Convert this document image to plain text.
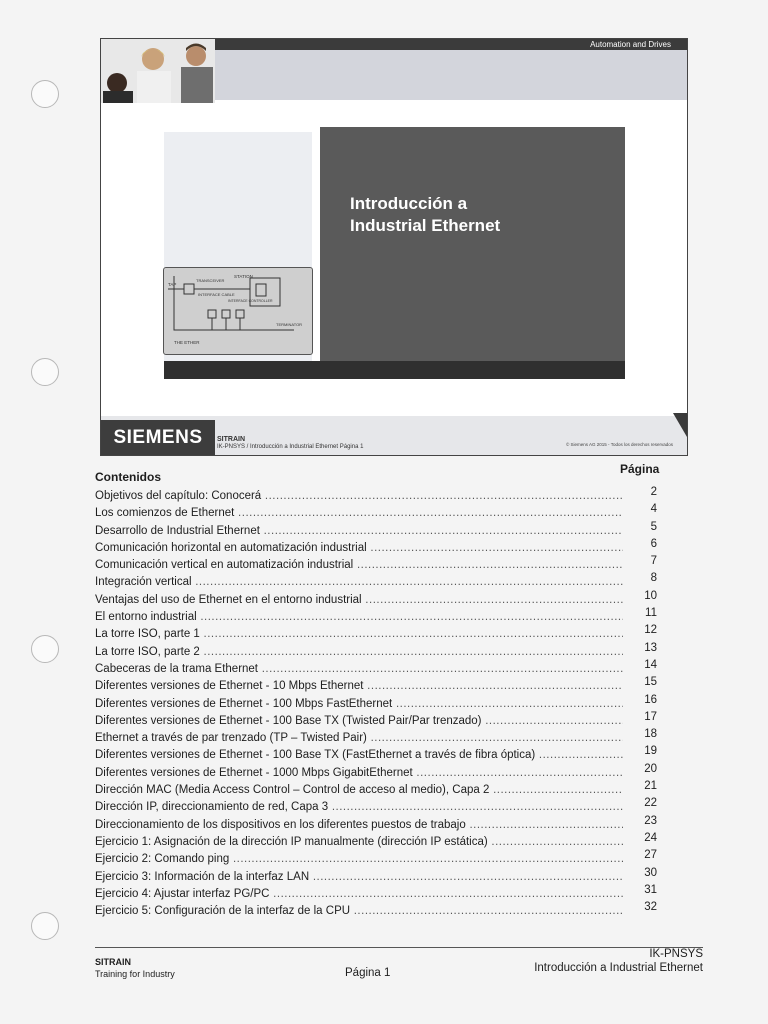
Automation and Drives
STATION
TRANSCEIVER
TAP
INTERFACE CABLE
INTERFACE CONTROLLER
TERMINATOR
THE ETHER
Introducción a
Industrial Ethernet
SIEMENS	SITRAIN
IK-PNSYS / Introducción a Industrial Ethernet Página 1	© Siemens AG 2015 - Todos los derechos reservados
Contenidos
Página
Objetivos del capítulo: Conocerá .....	2
Los comienzos de Ethernet .....	4
Desarrollo de Industrial Ethernet .....	5
Comunicación horizontal en automatización industrial .....	6
Comunicación vertical en automatización industrial .....	7
Integración vertical .....	8
Ventajas del uso de Ethernet en el entorno industrial .....	10
El entorno industrial .....	11
La torre ISO, parte 1 .....	12
La torre ISO, parte 2 .....	13
Cabeceras de la trama Ethernet .....	14
Diferentes versiones de Ethernet - 10 Mbps Ethernet .....	15
Diferentes versiones de Ethernet - 100 Mbps FastEthernet .....	16
Diferentes versiones de Ethernet - 100 Base TX (Twisted Pair/Par trenzado) .....	17
Ethernet a través de par trenzado (TP – Twisted Pair) .....	18
Diferentes versiones de Ethernet - 100 Base TX (FastEthernet a través de fibra óptica) .....	19
Diferentes versiones de Ethernet - 1000 Mbps GigabitEthernet .....	20
Dirección MAC (Media Access Control – Control de acceso al medio), Capa 2 .....	21
Dirección IP, direccionamiento de red, Capa 3 .....	22
Direccionamiento de los dispositivos en los diferentes puestos de trabajo .....	23
Ejercicio 1: Asignación de la dirección IP manualmente (dirección IP estática) .....	24
Ejercicio 2: Comando ping .....	27
Ejercicio 3: Información de la interfaz LAN .....	30
Ejercicio 4: Ajustar interfaz PG/PC .....	31
Ejercicio 5: Configuración de la interfaz de la CPU .....	32
SITRAIN
Training for Industry	Página 1
IK-PNSYS
Introducción a Industrial Ethernet
